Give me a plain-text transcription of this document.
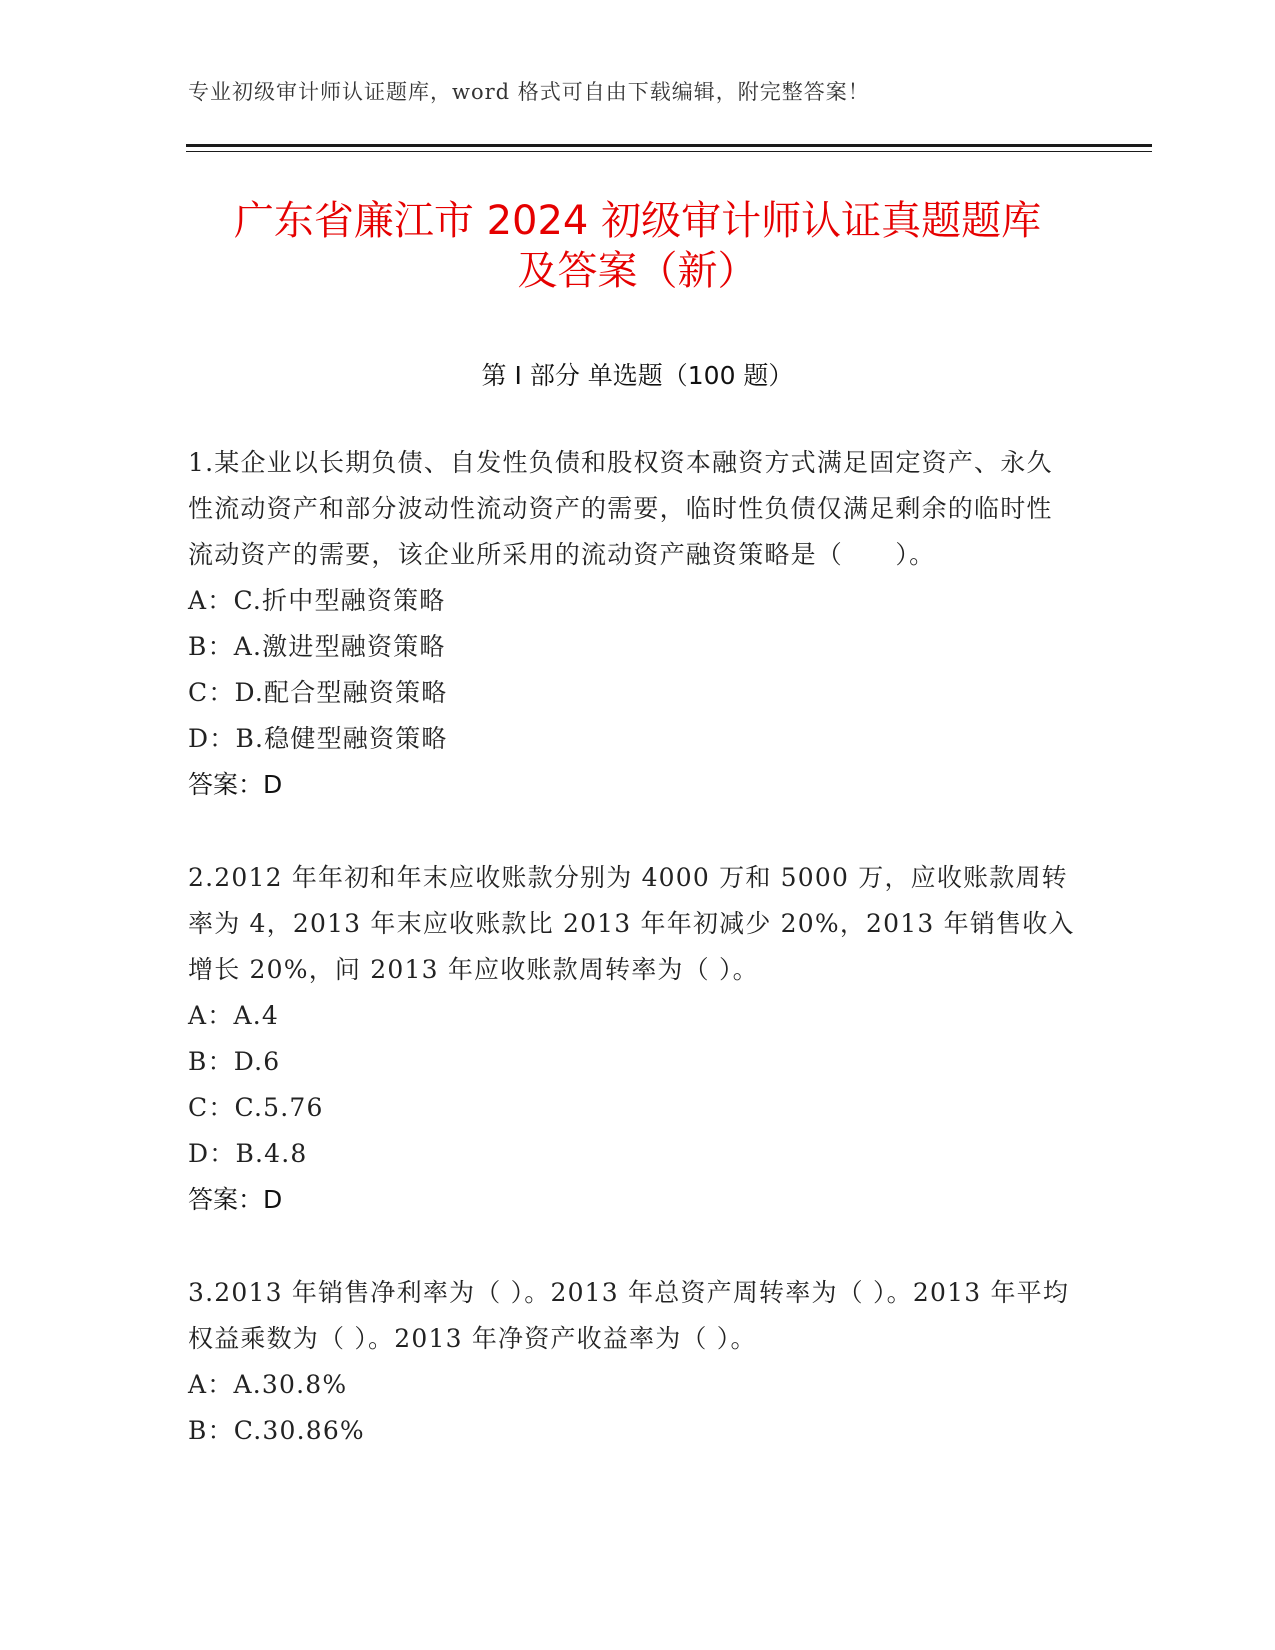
专业初级审计师认证题库，word 格式可自由下载编辑，附完整答案！
广东省廉江市 2024 初级审计师认证真题题库
及答案（新）
第 I 部分 单选题（100 题）

1.某企业以长期负债、自发性负债和股权资本融资方式满足固定资产、永久性流动资产和部分波动性流动资产的需要，临时性负债仅满足剩余的临时性流动资产的需要，该企业所采用的流动资产融资策略是（　　）。

A：C.折中型融资策略

B：A.激进型融资策略

C：D.配合型融资策略

D：B.稳健型融资策略

答案：D

2.2012 年年初和年末应收账款分别为 4000 万和 5000 万，应收账款周转率为 4，2013 年末应收账款比 2013 年年初减少 20%，2013 年销售收入增长 20%，问 2013 年应收账款周转率为（ ）。

A：A.4

B：D.6

C：C.5.76

D：B.4.8

答案：D

3.2013 年销售净利率为（ ）。2013 年总资产周转率为（ ）。2013 年平均权益乘数为（ ）。2013 年净资产收益率为（ ）。

A：A.30.8%

B：C.30.86%
